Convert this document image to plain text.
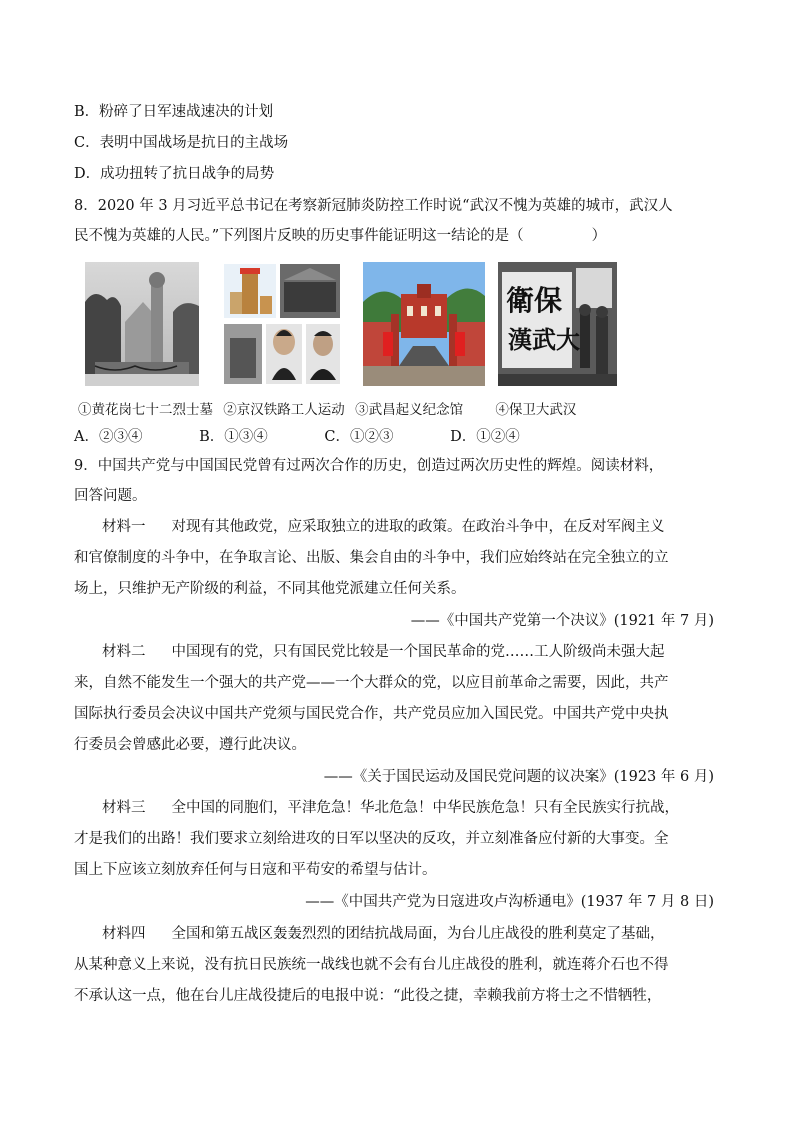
B．粉碎了日军速战速决的计划
C．表明中国战场是抗日的主战场
D．成功扭转了抗日战争的局势
8．2020 年 3 月习近平总书记在考察新冠肺炎防控工作时说“武汉不愧为英雄的城市，武汉人
民不愧为英雄的人民。”下列图片反映的历史事件能证明这一结论的是（	）
衛保
漢武大
①黄花岗七十二烈士墓 ②京汉铁路工人运动 ③武昌起义纪念馆 ④保卫大武汉
A．②③④	B．①③④	C．①②③	D．①②④
9．中国共产党与中国国民党曾有过两次合作的历史，创造过两次历史性的辉煌。阅读材料，
回答问题。
材料一 对现有其他政党，应采取独立的进取的政策。在政治斗争中，在反对军阀主义
和官僚制度的斗争中，在争取言论、出版、集会自由的斗争中，我们应始终站在完全独立的立
场上，只维护无产阶级的利益，不同其他党派建立任何关系。
——《中国共产党第一个决议》(1921 年 7 月)
材料二 中国现有的党，只有国民党比较是一个国民革命的党……工人阶级尚未强大起
来，自然不能发生一个强大的共产党——一个大群众的党，以应目前革命之需要，因此，共产
国际执行委员会决议中国共产党须与国民党合作，共产党员应加入国民党。中国共产党中央执
行委员会曾感此必要，遵行此决议。
——《关于国民运动及国民党问题的议决案》(1923 年 6 月)
材料三 全中国的同胞们，平津危急！华北危急！中华民族危急！只有全民族实行抗战，
才是我们的出路！我们要求立刻给进攻的日军以坚决的反攻，并立刻准备应付新的大事变。全
国上下应该立刻放弃任何与日寇和平苟安的希望与估计。
——《中国共产党为日寇进攻卢沟桥通电》(1937 年 7 月 8 日)
材料四 全国和第五战区轰轰烈烈的团结抗战局面，为台儿庄战役的胜利莫定了基础，
从某种意义上来说，没有抗日民族统一战线也就不会有台儿庄战役的胜利，就连蒋介石也不得
不承认这一点，他在台儿庄战役捷后的电报中说：“此役之捷，幸赖我前方将士之不惜牺牲，
